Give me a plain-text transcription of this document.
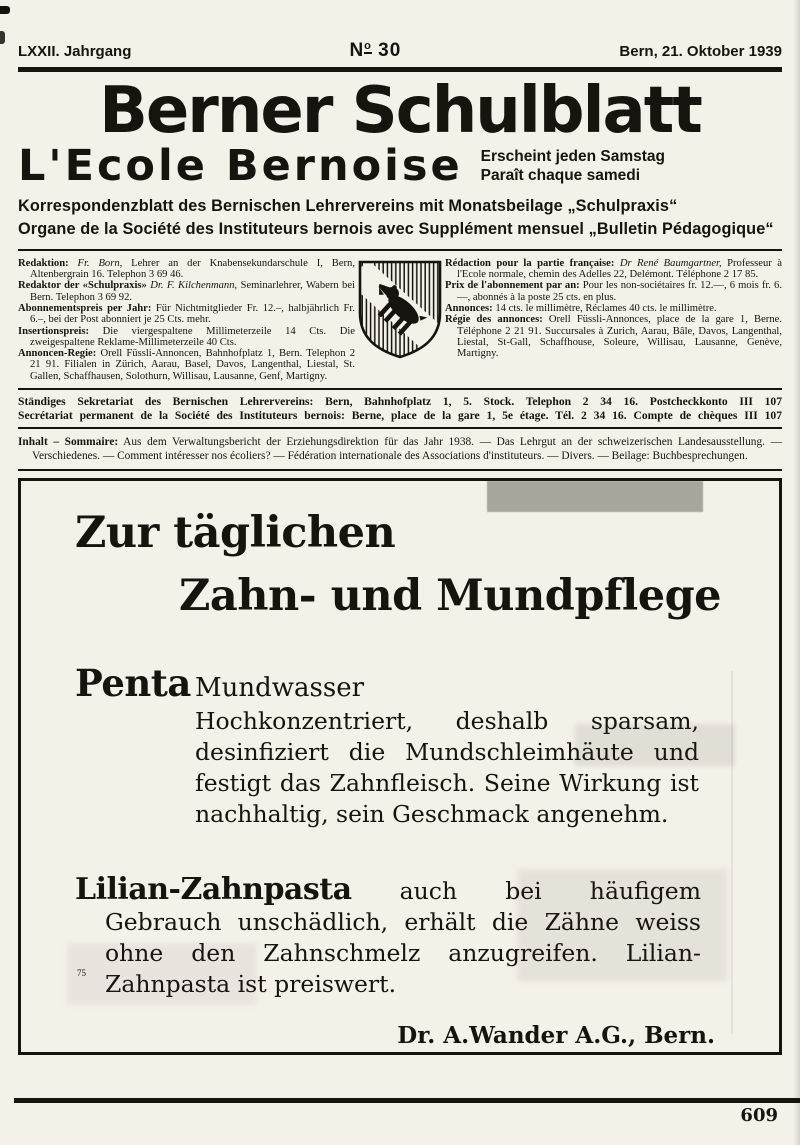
LXXII. Jahrgang	$N^o$ 30	Bern, 21. Oktober 1939
Berner Schulblatt
L'Ecole Bernoise Erscheint jeden Samstag
Paraît chaque samedi

Korrespondenzblatt des Bernischen Lehrervereins mit Monatsbeilage „Schulpraxis“

Organe de la Société des Instituteurs bernois avec Supplément mensuel „Bulletin Pédagogique“

Redaktion: Fr. Born, Lehrer an der Knabensekundarschule I, Bern, Altenbergrain 16. Telephon 3 69 46.

Redaktor der «Schulpraxis» Dr. F. Kilchenmann, Seminarlehrer, Wabern bei Bern. Telephon 3 69 92.

Abonnementspreis per Jahr: Für Nichtmitglieder Fr. 12.–, halbjährlich Fr. 6.–, bei der Post abonniert je 25 Cts. mehr.

Insertionspreis: Die viergespaltene Millimeterzeile 14 Cts. Die zweigespaltene Reklame-Millimeterzeile 40 Cts.

Annoncen-Regie: Orell Füssli-Annoncen, Bahnhofplatz 1, Bern. Telephon 2 21 91. Filialen in Zürich, Aarau, Basel, Davos, Langenthal, Liestal, St. Gallen, Schaffhausen, Solothurn, Willisau, Lausanne, Genf, Martigny.

Rédaction pour la partie française: Dr René Baumgartner, Professeur à l'Ecole normale, chemin des Adelles 22, Delémont. Téléphone 2 17 85.

Prix de l'abonnement par an: Pour les non-sociétaires fr. 12.—, 6 mois fr. 6.—, abonnés à la poste 25 cts. en plus.

Annonces: 14 cts. le millimètre, Réclames 40 cts. le millimètre.

Régie des annonces: Orell Füssli-Annonces, place de la gare 1, Berne. Téléphone 2 21 91. Succursales à Zurich, Aarau, Bâle, Davos, Langenthal, Liestal, St-Gall, Schaffhouse, Soleure, Willisau, Lausanne, Genève, Martigny.

Ständiges Sekretariat des Bernischen Lehrervereins: Bern, Bahnhofplatz 1, 5. Stock. Telephon 2 34 16. Postcheckkonto III 107

Secrétariat permanent de la Société des Instituteurs bernois: Berne, place de la gare 1, 5e étage. Tél. 2 34 16. Compte de chèques III 107

Inhalt – Sommaire: Aus dem Verwaltungsbericht der Erziehungsdirektion für das Jahr 1938. — Das Lehrgut an der schweizerischen Landesausstellung. — Verschiedenes. — Comment intéresser nos écoliers? — Fédération internationale des Associations d'instituteurs. — Divers. — Beilage: Buchbesprechungen.

Zur täglichen
Zahn- und Mundpflege
Penta Mundwasser

Hochkonzentriert, deshalb sparsam, desinfiziert die Mundschleimhäute und festigt das Zahnfleisch. Seine Wirkung ist nachhaltig, sein Geschmack angenehm.

Lilian-Zahnpasta auch bei häufigem Gebrauch unschädlich, erhält die Zähne weiss ohne den Zahnschmelz anzugreifen. Lilian-Zahnpasta ist preiswert.

Dr. A.Wander A.G., Bern.
75
609
